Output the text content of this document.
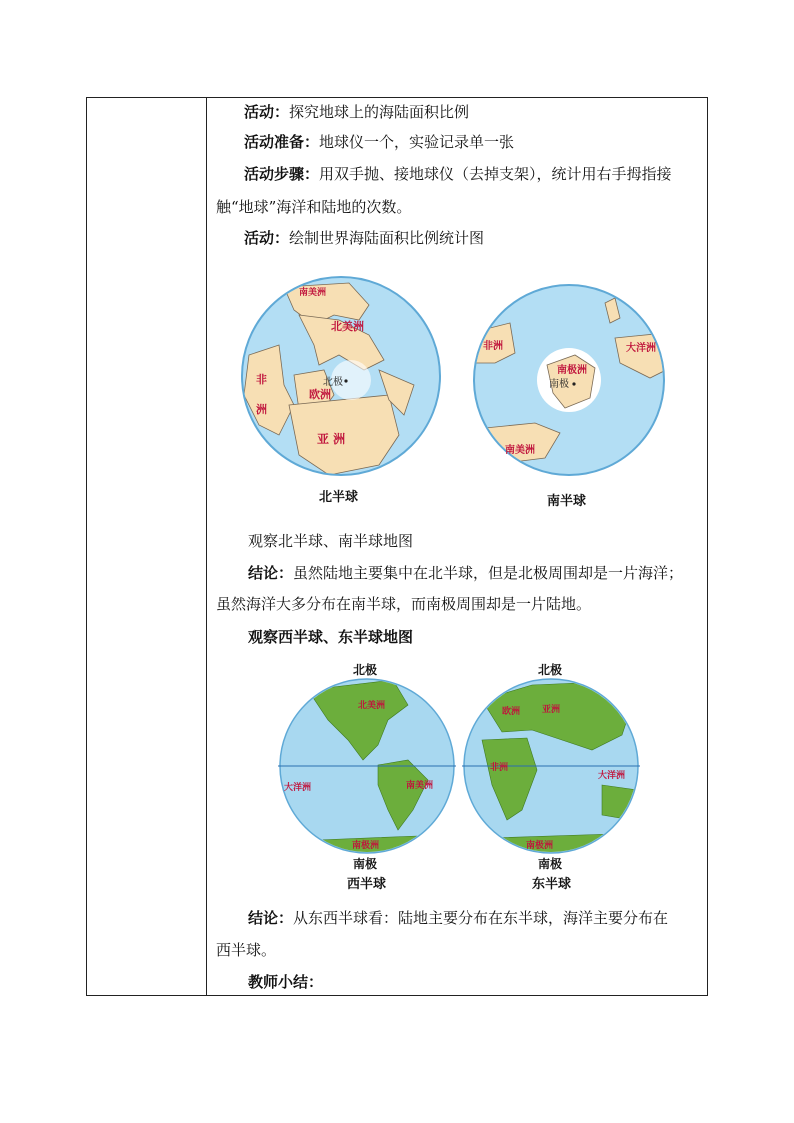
活动：探究地球上的海陆面积比例
活动准备：地球仪一个，实验记录单一张
活动步骤：用双手抛、接地球仪（去掉支架），统计用右手拇指接
触“地球”海洋和陆地的次数。
活动：绘制世界海陆面积比例统计图
南美洲
北美洲
非
洲
欧洲
亚 洲
北极
北半球
非洲	大洋洲
南极洲
南美洲
南极
南半球
观察北半球、南半球地图
结论：虽然陆地主要集中在北半球，但是北极周围却是一片海洋；
虽然海洋大多分布在南半球，而南极周围却是一片陆地。
观察西半球、东半球地图
北极
北美洲
南美洲
大洋洲
南极洲
南极
西半球
北极
欧洲 亚洲
非洲
大洋洲
南极洲
南极
东半球
结论：从东西半球看：陆地主要分布在东半球，海洋主要分布在
西半球。
教师小结：
